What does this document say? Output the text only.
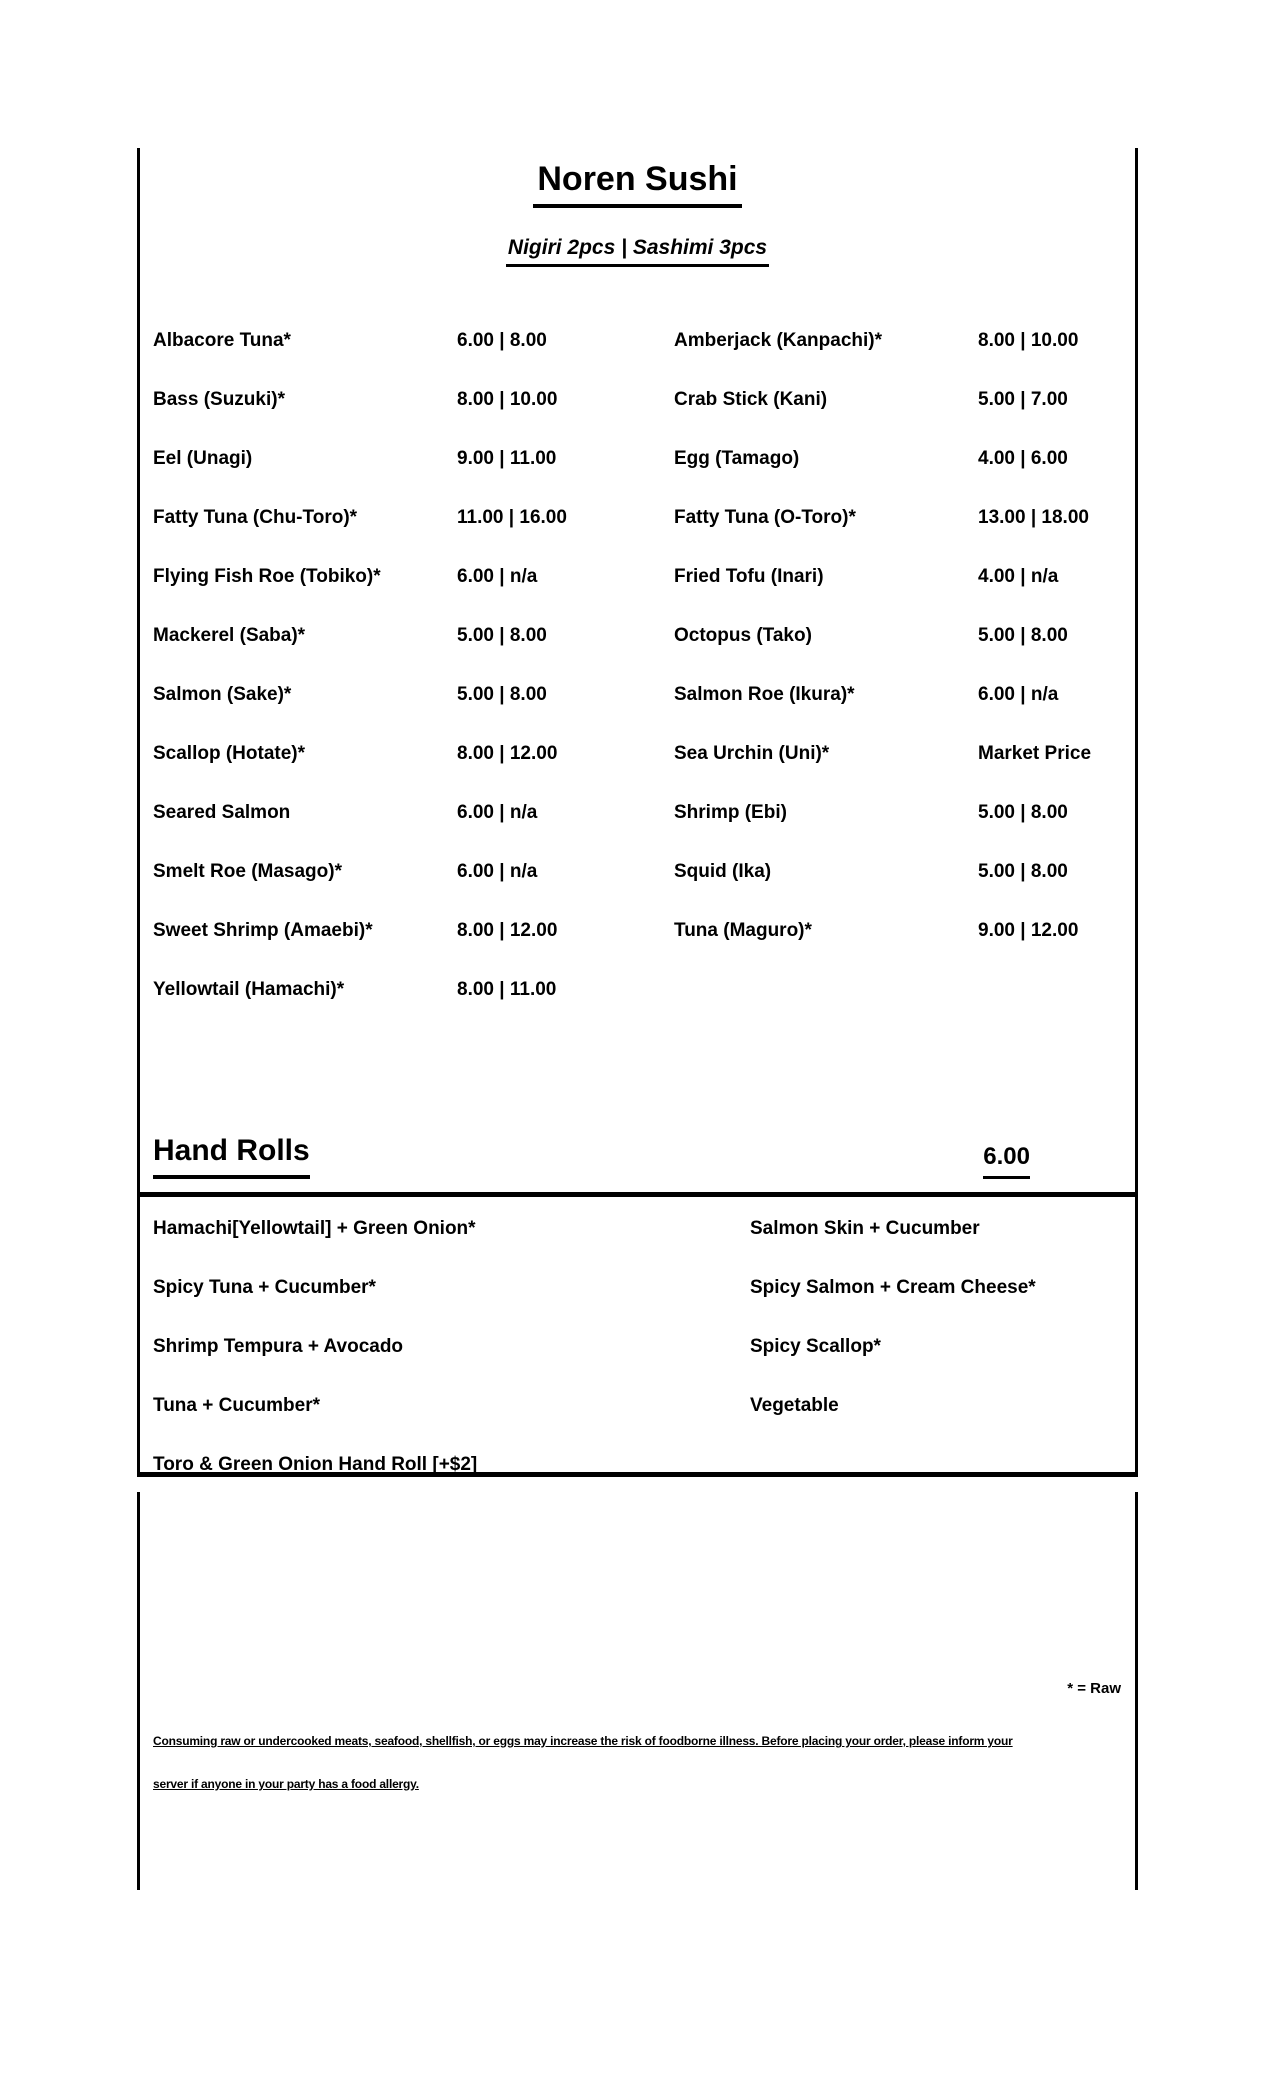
Noren Sushi
Nigiri 2pcs | Sashimi 3pcs
Albacore Tuna*	6.00 | 8.00
Bass (Suzuki)*	8.00 | 10.00
Eel (Unagi)	9.00 | 11.00
Fatty Tuna (Chu-Toro)*	11.00 | 16.00
Flying Fish Roe (Tobiko)*	6.00 | n/a
Mackerel (Saba)*	5.00 | 8.00
Salmon (Sake)*	5.00 | 8.00
Scallop (Hotate)*	8.00 | 12.00
Seared Salmon	6.00 | n/a
Smelt Roe (Masago)*	6.00 | n/a
Sweet Shrimp (Amaebi)*	8.00 | 12.00
Yellowtail (Hamachi)*	8.00 | 11.00
Amberjack (Kanpachi)*	8.00 | 10.00
Crab Stick (Kani)	5.00 | 7.00
Egg (Tamago)	4.00 | 6.00
Fatty Tuna (O-Toro)*	13.00 | 18.00
Fried Tofu (Inari)	4.00 | n/a
Octopus (Tako)	5.00 | 8.00
Salmon Roe (Ikura)*	6.00 | n/a
Sea Urchin (Uni)*	Market Price
Shrimp (Ebi)	5.00 | 8.00
Squid (Ika)	5.00 | 8.00
Tuna (Maguro)*	9.00 | 12.00
Hand Rolls	6.00
Hamachi[Yellowtail] + Green Onion*
Spicy Tuna + Cucumber*
Shrimp Tempura + Avocado
Tuna + Cucumber*
Toro & Green Onion Hand Roll [+$2]
Salmon Skin + Cucumber
Spicy Salmon + Cream Cheese*
Spicy Scallop*
Vegetable
* = Raw
Consuming raw or undercooked meats, seafood, shellfish, or eggs may increase the risk of foodborne illness. Before placing your order, please inform your
server if anyone in your party has a food allergy.
